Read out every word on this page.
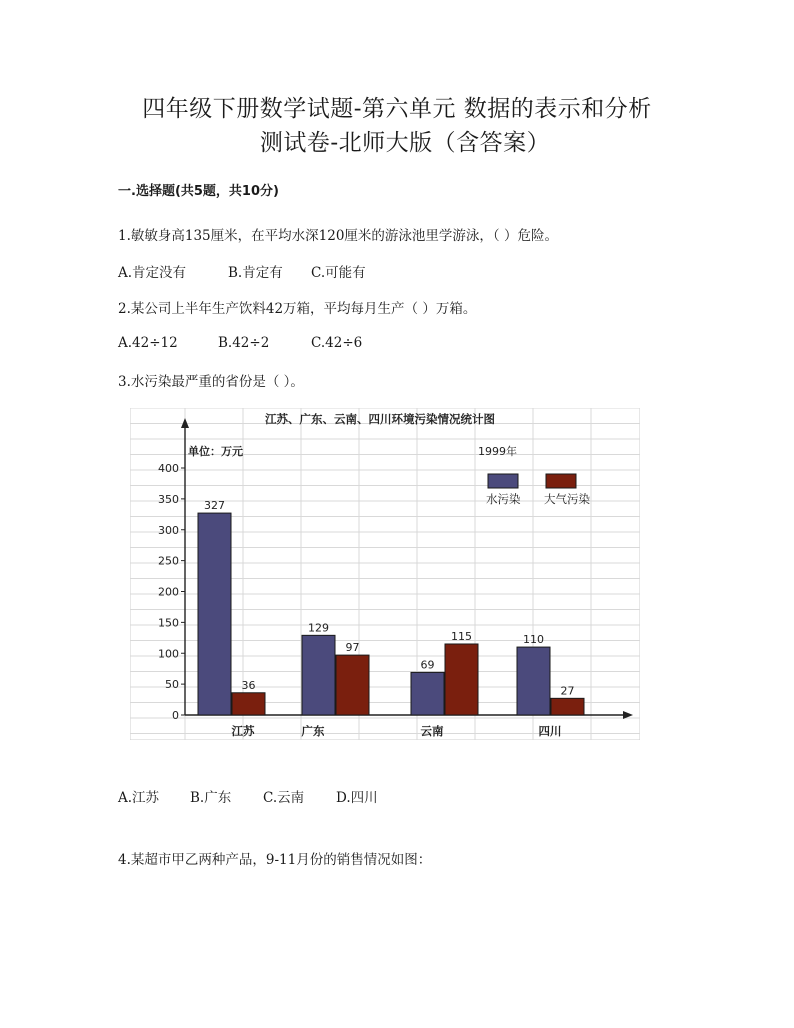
四年级下册数学试题-第六单元 数据的表示和分析
测试卷-北师大版（含答案）
一.选择题(共5题，共10分)
1.敏敏身高135厘米，在平均水深120厘米的游泳池里学游泳，（ ）危险。
A.肯定没有	B.肯定有 C.可能有
2.某公司上半年生产饮料42万箱，平均每月生产（ ）万箱。
A.42÷12	B.42÷2	C.42÷6
3.水污染最严重的省份是（ ）。
江苏、广东、云南、四川环境污染情况统计图
单位：万元	1999年
0
50
100
150
200
250
300
350
400
327
129
69
110
36
97
115
27
江苏	广东	云南	四川
水污染 大气污染
A.江苏 B.广东 C.云南 D.四川
4.某超市甲乙两种产品，9-11月份的销售情况如图：
